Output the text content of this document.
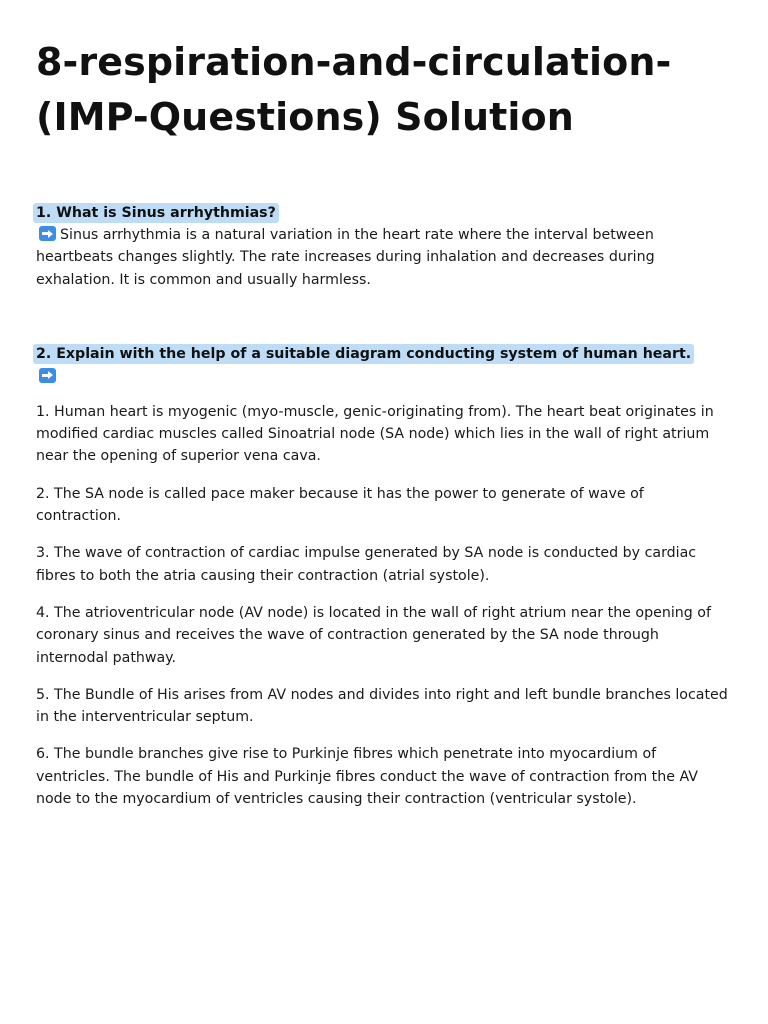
8-respiration-and-circulation-(IMP-Questions) Solution
1. What is Sinus arrhythmias?

Sinus arrhythmia is a natural variation in the heart rate where the interval between heartbeats changes slightly. The rate increases during inhalation and decreases during exhalation. It is common and usually harmless.

2. Explain with the help of a suitable diagram conducting system of human heart.

1. Human heart is myogenic (myo-muscle, genic-originating from). The heart beat originates in modified cardiac muscles called Sinoatrial node (SA node) which lies in the wall of right atrium near the opening of superior vena cava.
2. The SA node is called pace maker because it has the power to generate of wave of contraction.
3. The wave of contraction of cardiac impulse generated by SA node is conducted by cardiac fibres to both the atria causing their contraction (atrial systole).
4. The atrioventricular node (AV node) is located in the wall of right atrium near the opening of coronary sinus and receives the wave of contraction generated by the SA node through internodal pathway.
5. The Bundle of His arises from AV nodes and divides into right and left bundle branches located in the interventricular septum.
6. The bundle branches give rise to Purkinje fibres which penetrate into myocardium of ventricles. The bundle of His and Purkinje fibres conduct the wave of contraction from the AV node to the myocardium of ventricles causing their contraction (ventricular systole).
